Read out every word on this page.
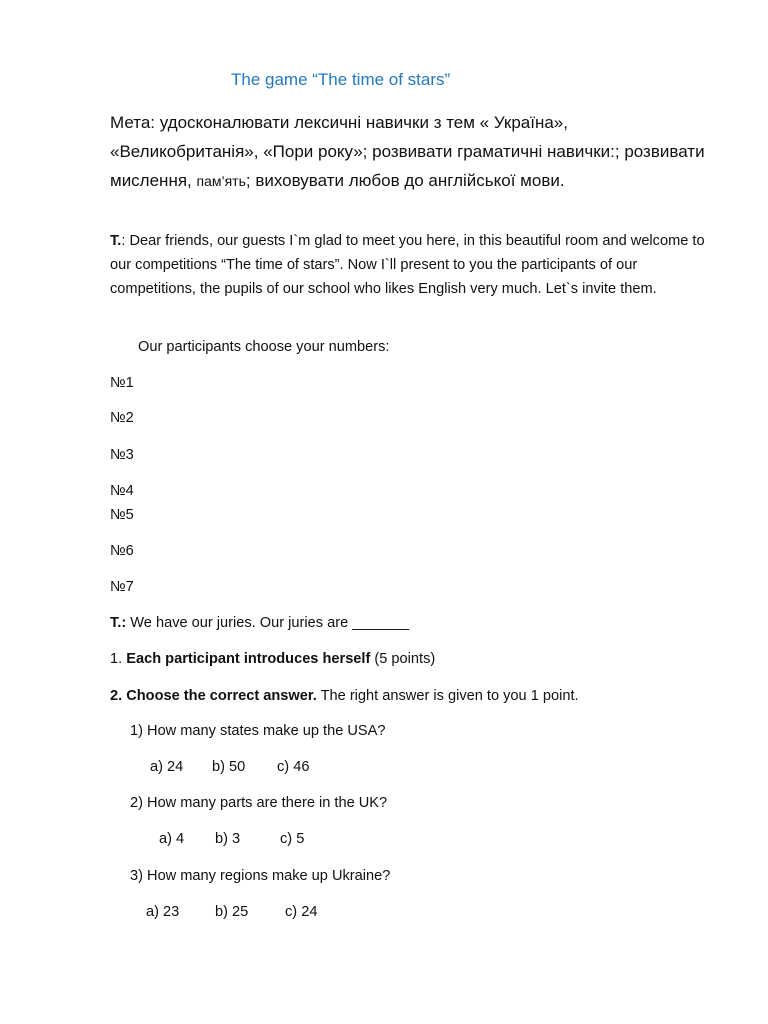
The game “The time of stars”
Мета: удосконалювати лексичні навички з тем « Україна», «Великобританія», «Пори року»; розвивати граматичні навички:; розвивати мислення, пам’ять; виховувати любов до англійської мови.
T.: Dear friends, our guests I`m glad to meet you here, in this beautiful room and welcome to our competitions “The time of stars”. Now I`ll present to you the participants of our competitions, the pupils of our school who likes English very much. Let`s invite them.
Our participants choose your numbers:
№1
№2
№3
№4
№5
№6
№7
T.: We have our juries. Our juries are _______
1. Each participant introduces herself (5 points)
2. Choose the correct answer. The right answer is given to you 1 point.
1) How many states make up the USA?
a) 24 b) 50 c) 46
2) How many parts are there in the UK?
a) 4 b) 3	c) 5
3) How many regions make up Ukraine?
a) 23 b) 25	c) 24
